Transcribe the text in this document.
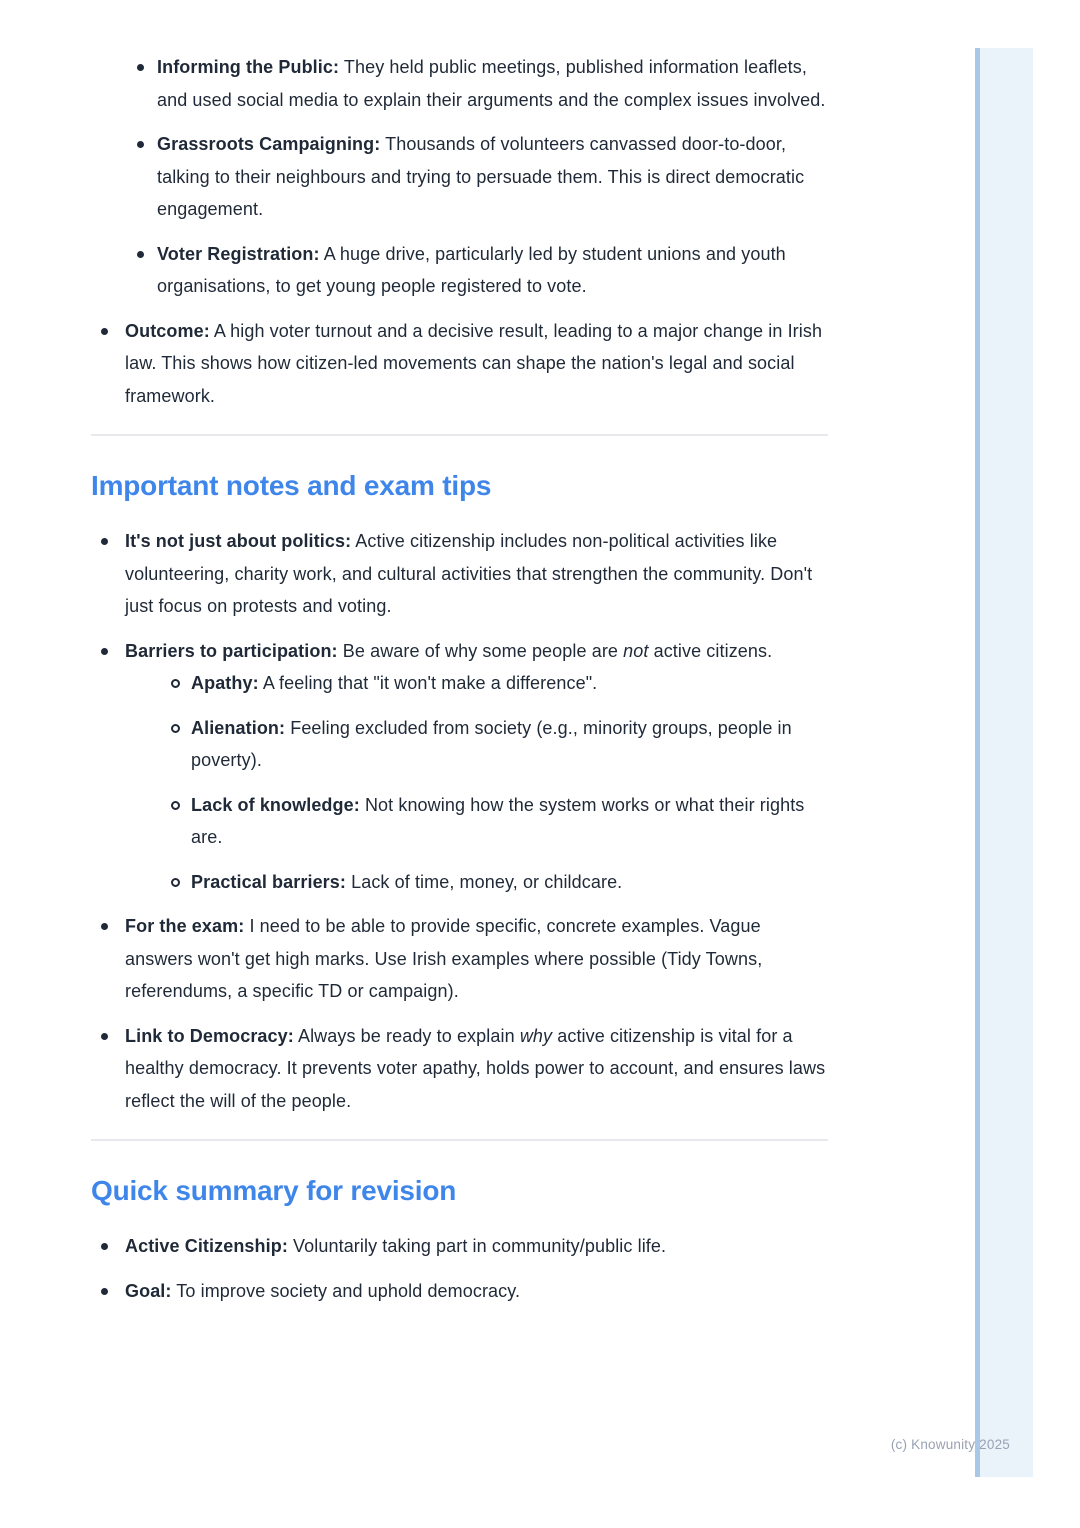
Informing the Public: They held public meetings, published information leaflets, and used social media to explain their arguments and the complex issues involved.
Grassroots Campaigning: Thousands of volunteers canvassed door-to-door, talking to their neighbours and trying to persuade them. This is direct democratic engagement.
Voter Registration: A huge drive, particularly led by student unions and youth organisations, to get young people registered to vote.
Outcome: A high voter turnout and a decisive result, leading to a major change in Irish law. This shows how citizen-led movements can shape the nation's legal and social framework.
Important notes and exam tips
It's not just about politics: Active citizenship includes non-political activities like volunteering, charity work, and cultural activities that strengthen the community. Don't just focus on protests and voting.
Barriers to participation: Be aware of why some people are not active citizens.
Apathy: A feeling that "it won't make a difference".
Alienation: Feeling excluded from society (e.g., minority groups, people in poverty).
Lack of knowledge: Not knowing how the system works or what their rights are.
Practical barriers: Lack of time, money, or childcare.
For the exam: I need to be able to provide specific, concrete examples. Vague answers won't get high marks. Use Irish examples where possible (Tidy Towns, referendums, a specific TD or campaign).
Link to Democracy: Always be ready to explain why active citizenship is vital for a healthy democracy. It prevents voter apathy, holds power to account, and ensures laws reflect the will of the people.
Quick summary for revision
Active Citizenship: Voluntarily taking part in community/public life.
Goal: To improve society and uphold democracy.
(c) Knowunity 2025
